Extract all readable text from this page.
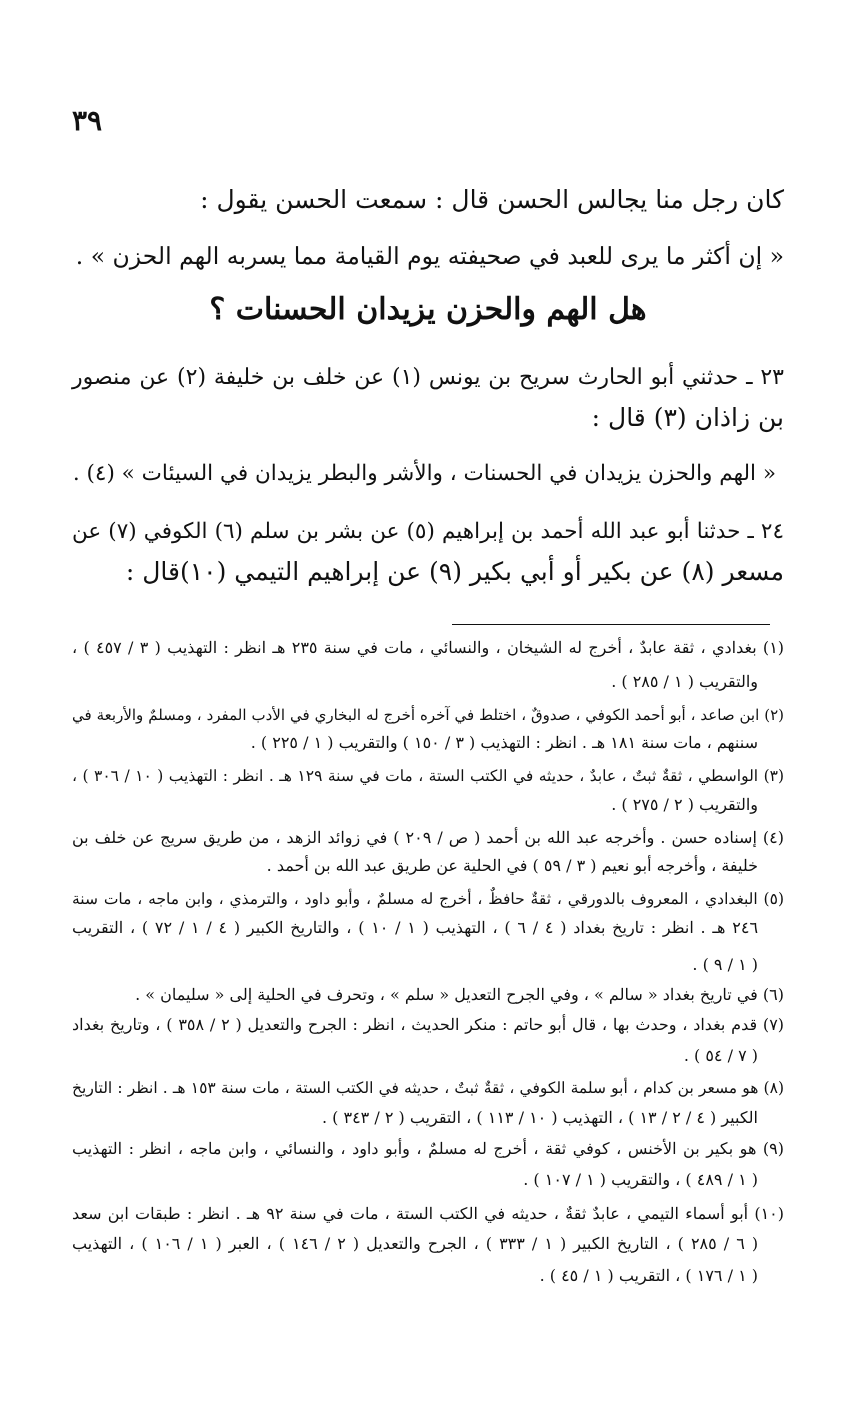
٣٩
كان رجل منا يجالس الحسن قال : سمعت الحسن يقول :
« إن أكثر ما يرى للعبد في صحيفته يوم القيامة مما يسربه الهم الحزن » .
هل الهم والحزن يزيدان الحسنات ؟
٢٣ ـ حدثني أبو الحارث سريح بن يونس (١) عن خلف بن خليفة (٢) عن منصور
بن زاذان (٣) قال :
« الهم والحزن يزيدان في الحسنات ، والأشر والبطر يزيدان في السيئات » (٤) .
٢٤ ـ حدثنا أبو عبد الله أحمد بن إبراهيم (٥) عن بشر بن سلم (٦) الكوفي (٧) عن
مسعر (٨) عن بكير أو أبي بكير (٩) عن إبراهيم التيمي (١٠)قال :
(١) بغدادي ، ثقة عابدٌ ، أخرج له الشيخان ، والنسائي ، مات في سنة ٢٣٥ هـ انظر : التهذيب ( ٣ / ٤٥٧ ) ،
والتقريب ( ١ / ٢٨٥ ) .
(٢) ابن صاعد ، أبو أحمد الكوفي ، صدوقٌ ، اختلط في آخره أخرج له البخاري في الأدب المفرد ، ومسلمٌ والأربعة في
سننهم ، مات سنة ١٨١ هـ . انظر : التهذيب ( ٣ / ١٥٠ ) والتقريب ( ١ / ٢٢٥ ) .
(٣) الواسطي ، ثقةٌ ثبتٌ ، عابدٌ ، حديثه في الكتب الستة ، مات في سنة ١٢٩ هـ . انظر : التهذيب ( ١٠ / ٣٠٦ ) ،
والتقريب ( ٢ / ٢٧٥ ) .
(٤) إسناده حسن . وأخرجه عبد الله بن أحمد ( ص / ٢٠٩ ) في زوائد الزهد ، من طريق سريج عن خلف بن
خليفة ، وأخرجه أبو نعيم ( ٣ / ٥٩ ) في الحلية عن طريق عبد الله بن أحمد .
(٥) البغدادي ، المعروف بالدورقي ، ثقةٌ حافظٌ ، أخرج له مسلمٌ ، وأبو داود ، والترمذي ، وابن ماجه ، مات سنة
٢٤٦ هـ . انظر : تاريخ بغداد ( ٤ / ٦ ) ، التهذيب ( ١ / ١٠ ) ، والتاريخ الكبير ( ٤ / ١ / ٧٢ ) ، التقريب
( ١ / ٩ ) .
(٦) في تاريخ بغداد « سالم » ، وفي الجرح التعديل « سلم » ، وتحرف في الحلية إلى « سليمان » .
(٧) قدم بغداد ، وحدث بها ، قال أبو حاتم : منكر الحديث ، انظر : الجرح والتعديل ( ٢ / ٣٥٨ ) ، وتاريخ بغداد
( ٧ / ٥٤ ) .
(٨) هو مسعر بن كدام ، أبو سلمة الكوفي ، ثقةٌ ثبتٌ ، حديثه في الكتب الستة ، مات سنة ١٥٣ هـ . انظر : التاريخ
الكبير ( ٤ / ٢ / ١٣ ) ، التهذيب ( ١٠ / ١١٣ ) ، التقريب ( ٢ / ٣٤٣ ) .
(٩) هو بكير بن الأخنس ، كوفي ثقة ، أخرج له مسلمٌ ، وأبو داود ، والنسائي ، وابن ماجه ، انظر : التهذيب
( ١ / ٤٨٩ ) ، والتقريب ( ١ / ١٠٧ ) .
(١٠) أبو أسماء التيمي ، عابدٌ ثقةٌ ، حديثه في الكتب الستة ، مات في سنة ٩٢ هـ . انظر : طبقات ابن سعد
( ٦ / ٢٨٥ ) ، التاريخ الكبير ( ١ / ٣٣٣ ) ، الجرح والتعديل ( ٢ / ١٤٦ ) ، العبر ( ١ / ١٠٦ ) ، التهذيب
( ١ / ١٧٦ ) ، التقريب ( ١ / ٤٥ ) .
